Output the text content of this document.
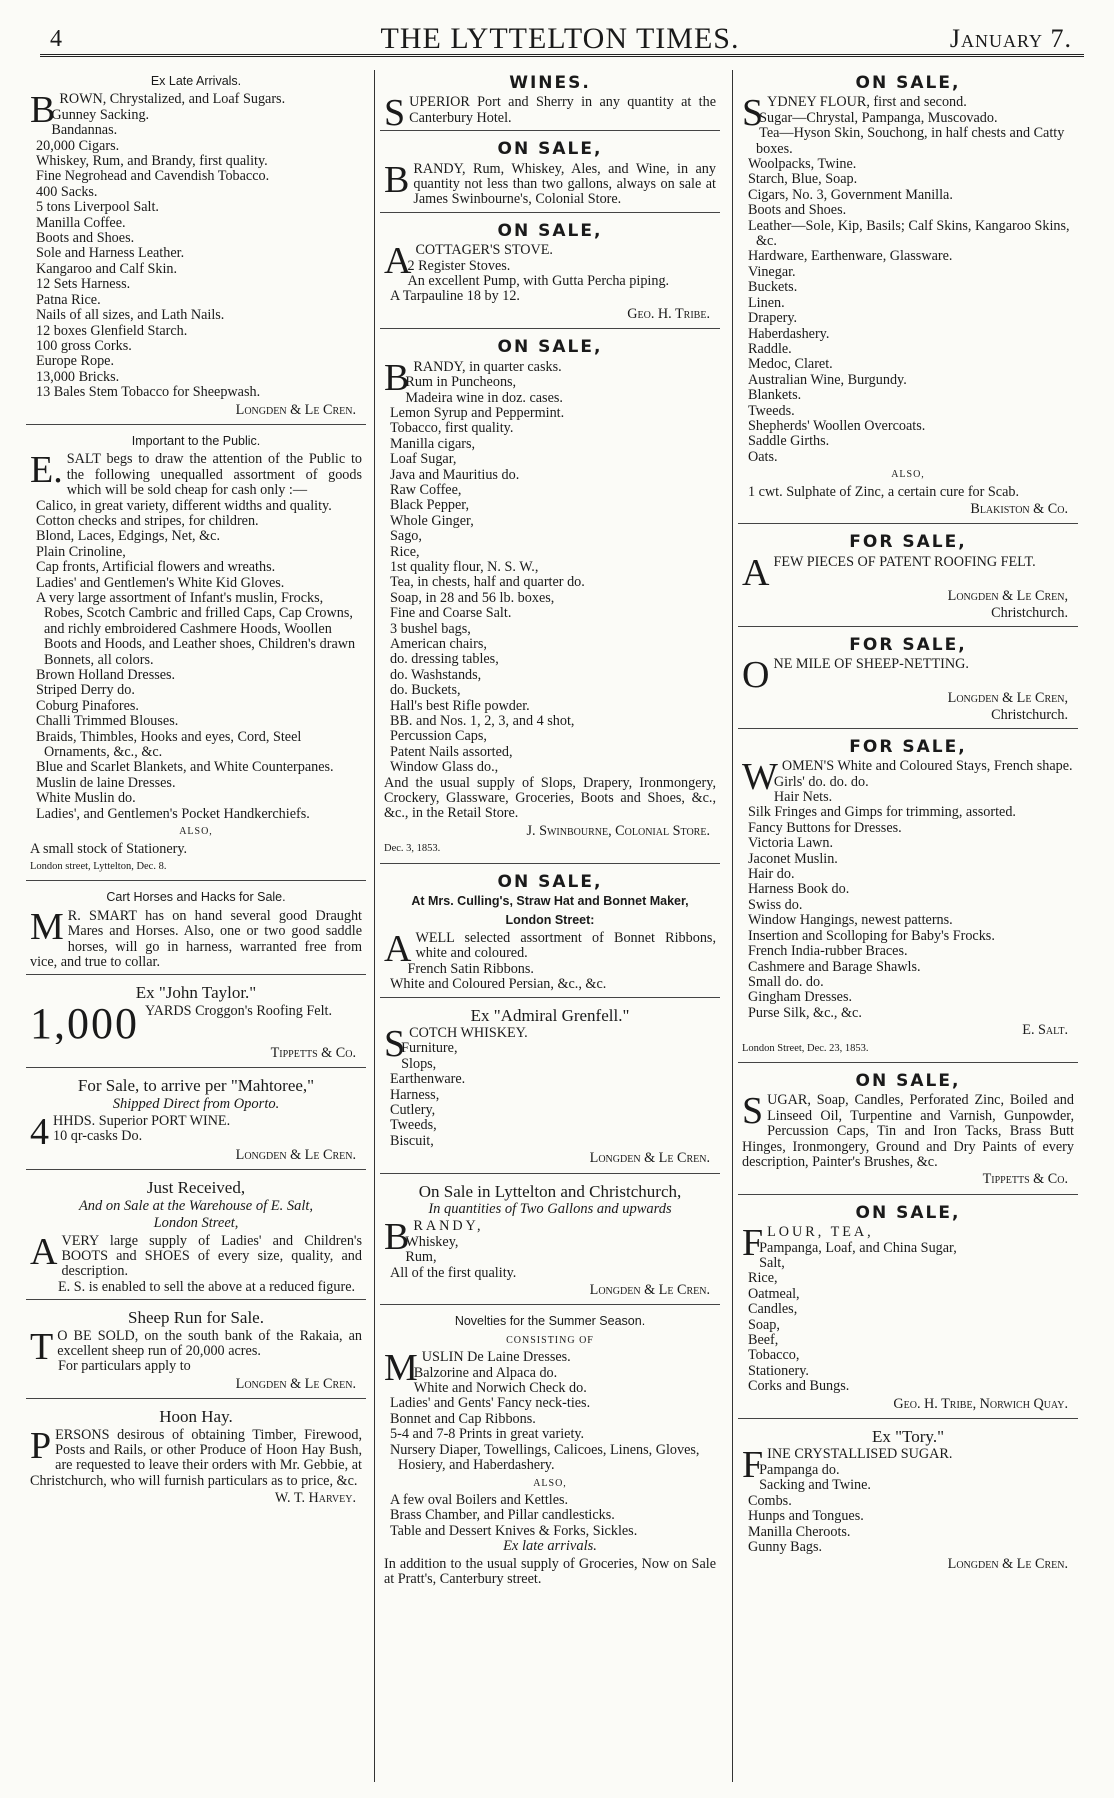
4	THE LYTTELTON TIMES.	January 7.
Ex Late Arrivals.

BROWN, Chrystalized, and Loaf Sugars.

Gunney Sacking.

Bandannas.

20,000 Cigars.

Whiskey, Rum, and Brandy, first quality.

Fine Negrohead and Cavendish Tobacco.

400 Sacks.

5 tons Liverpool Salt.

Manilla Coffee.

Boots and Shoes.

Sole and Harness Leather.

Kangaroo and Calf Skin.

12 Sets Harness.

Patna Rice.

Nails of all sizes, and Lath Nails.

12 boxes Glenfield Starch.

100 gross Corks.

Europe Rope.

13,000 Bricks.

13 Bales Stem Tobacco for Sheepwash.

Longden & Le Cren.

Important to the Public.

E. SALT begs to draw the attention of the Public to the following unequalled assortment of goods which will be sold cheap for cash only :—

Calico, in great variety, different widths and quality.

Cotton checks and stripes, for children.

Blond, Laces, Edgings, Net, &c.

Plain Crinoline,

Cap fronts, Artificial flowers and wreaths.

Ladies' and Gentlemen's White Kid Gloves.

A very large assortment of Infant's muslin, Frocks, Robes, Scotch Cambric and frilled Caps, Cap Crowns, and richly embroidered Cashmere Hoods, Woollen Boots and Hoods, and Leather shoes, Children's drawn Bonnets, all colors.

Brown Holland Dresses.

Striped Derry do.

Coburg Pinafores.

Challi Trimmed Blouses.

Braids, Thimbles, Hooks and eyes, Cord, Steel Ornaments, &c., &c.

Blue and Scarlet Blankets, and White Counterpanes.

Muslin de laine Dresses.

White Muslin do.

Ladies', and Gentlemen's Pocket Handkerchiefs.

ALSO,

A small stock of Stationery.

London street, Lyttelton, Dec. 8.

Cart Horses and Hacks for Sale.

M R. SMART has on hand several good Draught Mares and Horses. Also, one or two good saddle horses, will go in harness, warranted free from vice, and true to collar.

Ex "John Taylor."

1,000 YARDS Croggon's Roofing Felt.

Tippetts & Co.

For Sale, to arrive per "Mahtoree,"
Shipped Direct from Oporto.

4 HHDS. Superior PORT WINE.
10 qr-casks Do.

Longden & Le Cren.

Just Received,
And on Sale at the Warehouse of E. Salt,
London Street,

AVERY large supply of Ladies' and Children's BOOTS and SHOES of every size, quality, and description.

E. S. is enabled to sell the above at a reduced figure.

Sheep Run for Sale.

T O BE SOLD, on the south bank of the Rakaia, an excellent sheep run of 20,000 acres.

For particulars apply to

Longden & Le Cren.

Hoon Hay.

PERSONS desirous of obtaining Timber, Firewood, Posts and Rails, or other Produce of Hoon Hay Bush, are requested to leave their orders with Mr. Gebbie, at Christchurch, who will furnish particulars as to price, &c.

W. T. Harvey.

WINES.

SUPERIOR Port and Sherry in any quantity at the Canterbury Hotel.

ON SALE,

BRANDY, Rum, Whiskey, Ales, and Wine, in any quantity not less than two gallons, always on sale at James Swinbourne's, Colonial Store.

ON SALE,

ACOTTAGER'S STOVE.

2 Register Stoves.

An excellent Pump, with Gutta Percha piping.

A Tarpauline 18 by 12.

Geo. H. Tribe.

ON SALE,

BRANDY, in quarter casks.

Rum in Puncheons,

Madeira wine in doz. cases.

Lemon Syrup and Peppermint.

Tobacco, first quality.

Manilla cigars,

Loaf Sugar,

Java and Mauritius do.

Raw Coffee,

Black Pepper,

Whole Ginger,

Sago,

Rice,

1st quality flour, N. S. W.,

Tea, in chests, half and quarter do.

Soap, in 28 and 56 lb. boxes,

Fine and Coarse Salt.

3 bushel bags,

American chairs,

do. dressing tables,

do. Washstands,

do. Buckets,

Hall's best Rifle powder.

BB. and Nos. 1, 2, 3, and 4 shot,

Percussion Caps,

Patent Nails assorted,

Window Glass do.,

And the usual supply of Slops, Drapery, Ironmongery, Crockery, Glassware, Groceries, Boots and Shoes, &c., &c., in the Retail Store.

J. Swinbourne, Colonial Store.

Dec. 3, 1853.

ON SALE,
At Mrs. Culling's, Straw Hat and Bonnet Maker,
London Street:

AWELL selected assortment of Bonnet Ribbons, white and coloured.

French Satin Ribbons.

White and Coloured Persian, &c., &c.

Ex "Admiral Grenfell."

SCOTCH WHISKEY.

Furniture,

Slops,

Earthenware.

Harness,

Cutlery,

Tweeds,

Biscuit,

Longden & Le Cren.

On Sale in Lyttelton and Christchurch,
In quantities of Two Gallons and upwards

BRANDY,

Whiskey,

Rum,

All of the first quality.

Longden & Le Cren.

Novelties for the Summer Season.

CONSISTING OF

MUSLIN De Laine Dresses.

Balzorine and Alpaca do.

White and Norwich Check do.

Ladies' and Gents' Fancy neck-ties.

Bonnet and Cap Ribbons.

5-4 and 7-8 Prints in great variety.

Nursery Diaper, Towellings, Calicoes, Linens, Gloves, Hosiery, and Haberdashery.

ALSO,

A few oval Boilers and Kettles.

Brass Chamber, and Pillar candlesticks.

Table and Dessert Knives & Forks, Sickles.

Ex late arrivals.

In addition to the usual supply of Groceries, Now on Sale at Pratt's, Canterbury street.

ON SALE,

SYDNEY FLOUR, first and second.

Sugar—Chrystal, Pampanga, Muscovado.

Tea—Hyson Skin, Souchong, in half chests and Catty boxes.

Woolpacks, Twine.

Starch, Blue, Soap.

Cigars, No. 3, Government Manilla.

Boots and Shoes.

Leather—Sole, Kip, Basils; Calf Skins, Kangaroo Skins, &c.

Hardware, Earthenware, Glassware.

Vinegar.

Buckets.

Linen.

Drapery.

Haberdashery.

Raddle.

Medoc, Claret.

Australian Wine, Burgundy.

Blankets.

Tweeds.

Shepherds' Woollen Overcoats.

Saddle Girths.

Oats.

ALSO,

1 cwt. Sulphate of Zinc, a certain cure for Scab.

Blakiston & Co.

FOR SALE,

AFEW PIECES OF PATENT ROOFING FELT.

Longden & Le Cren,

Christchurch.

FOR SALE,

ONE MILE OF SHEEP-NETTING.

Longden & Le Cren,

Christchurch.

FOR SALE,

WOMEN'S White and Coloured Stays, French shape.

Girls' do. do. do.

Hair Nets.

Silk Fringes and Gimps for trimming, assorted.

Fancy Buttons for Dresses.

Victoria Lawn.

Jaconet Muslin.

Hair do.

Harness Book do.

Swiss do.

Window Hangings, newest patterns.

Insertion and Scolloping for Baby's Frocks.

French India-rubber Braces.

Cashmere and Barage Shawls.

Small do. do.

Gingham Dresses.

Purse Silk, &c., &c.

E. Salt.

London Street, Dec. 23, 1853.

ON SALE,

SUGAR, Soap, Candles, Perforated Zinc, Boiled and Linseed Oil, Turpentine and Varnish, Gunpowder, Percussion Caps, Tin and Iron Tacks, Brass Butt Hinges, Ironmongery, Ground and Dry Paints of every description, Painter's Brushes, &c.

Tippetts & Co.

ON SALE,

FLOUR, TEA,

Pampanga, Loaf, and China Sugar,

Salt,

Rice,

Oatmeal,

Candles,

Soap,

Beef,

Tobacco,

Stationery.

Corks and Bungs.

Geo. H. Tribe, Norwich Quay.

Ex "Tory."

FINE CRYSTALLISED SUGAR.

Pampanga do.

Sacking and Twine.

Combs.

Hunps and Tongues.

Manilla Cheroots.

Gunny Bags.

Longden & Le Cren.
